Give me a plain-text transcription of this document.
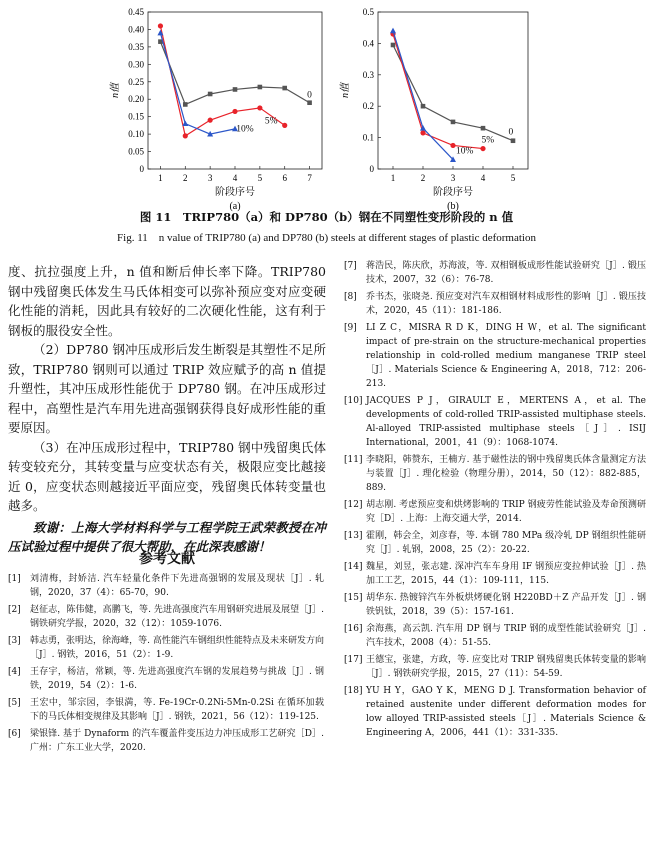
0
0.05
0.10
0.15
0.20
0.25
0.30
0.35
0.40
0.45
1 2 3 4 5 6 7
阶段序号
n值
(a)
0
5%
10%
0
0.1
0.2
0.3
0.4
0.5
1	2	3	4	5
阶段序号
n值
(b)
0
5%
10%
图 11　TRIP780（a）和 DP780（b）钢在不同塑性变形阶段的 n 值
Fig. 11　n value of TRIP780 (a) and DP780 (b) steels at different stages of plastic deformation

度、抗拉强度上升，n 值和断后伸长率下降。TRIP780 钢中残留奥氏体发生马氏体相变可以弥补预应变对应变硬化性能的消耗，因此具有较好的二次硬化性能，这有利于钢板的服役安全性。

（2）DP780 钢冲压成形后发生断裂是其塑性不足所致，TRIP780 钢则可以通过 TRIP 效应赋予的高 n 值提升塑性，其冲压成形性能优于 DP780 钢。在冲压成形过程中，高塑性是汽车用先进高强钢获得良好成形性能的重要原因。

（3）在冲压成形过程中，TRIP780 钢中残留奥氏体转变较充分，其转变量与应变状态有关，极限应变比越接近 0，应变状态则越接近平面应变，残留奥氏体转变量也越多。

致谢：上海大学材料科学与工程学院王武荣教授在冲压试验过程中提供了很大帮助，在此深表感谢！

参考文献
[1] 刘清梅，封娇洁. 汽车轻量化条件下先进高强钢的发展及现状［J］. 轧钢，2020，37（4）：65-70，90.
[2] 赵征志，陈伟健，高鹏飞，等. 先进高强度汽车用钢研究进展及展望［J］. 钢铁研究学报，2020，32（12）：1059-1076.
[3] 韩志勇，张明达，徐海峰，等. 高性能汽车钢组织性能特点及未来研发方向［J］. 钢铁，2016，51（2）：1-9.
[4] 王存宇，杨洁，常颖，等. 先进高强度汽车钢的发展趋势与挑战［J］. 钢铁，2019，54（2）：1-6.
[5] 王宏中，邹宗园，李银満，等. Fe-19Cr-0.2Ni-5Mn-0.2Si 在循环加载下的马氏体相变规律及其影响［J］. 钢铁，2021，56（12）：119-125.
[6] 梁银锋. 基于 Dynaform 的汽车覆盖件变压边力冲压成形工艺研究［D］. 广州：广东工业大学，2020.
[7] 蒋浩民，陈庆欣，苏海波，等. 双相钢板成形性能试验研究［J］. 锻压技术，2007，32（6）：76-78.
[8] 乔书杰，张晓尧. 预应变对汽车双相钢材料成形性的影响［J］. 锻压技术，2020，45（11）：181-186.
[9] LI Z C，MISRA R D K，DING H W，et al. The significant impact of pre-strain on the structure-mechanical properties relationship in cold-rolled medium manganese TRIP steel［J］. Materials Science & Engineering A，2018，712：206-213.
[10] JACQUES P J，GIRAULT E，MERTENS A，et al. The developments of cold-rolled TRIP-assisted multiphase steels. Al-alloyed TRIP-assisted multiphase steels［J］. ISIJ International，2001，41（9）：1068-1074.
[11] 李晓阳，韩赞东，王楠方. 基于磁性法的钢中残留奥氏体含量测定方法与装置［J］. 理化检验（物理分册），2014，50（12）：882-885，889.
[12] 胡志刚. 考虑预应变和烘烤影响的 TRIP 钢疲劳性能试验及寿命预测研究［D］. 上海：上海交通大学，2014.
[13] 霍刚，韩会全，刘彦春，等. 本钢 780 MPa 级冷轧 DP 钢组织性能研究［J］. 轧钢，2008，25（2）：20-22.
[14] 魏星，刘昱，张志建. 深冲汽车车身用 IF 钢预应变拉伸试验［J］. 热加工工艺，2015，44（1）：109-111，115.
[15] 胡华东. 热镀锌汽车外板烘烤硬化钢 H220BD＋Z 产品开发［J］. 钢铁钒钛，2018，39（5）：157-161.
[16] 余海燕，高云凯. 汽车用 DP 钢与 TRIP 钢的成型性能试验研究［J］. 汽车技术，2008（4）：51-55.
[17] 王德宝，张建，方政，等. 应变比对 TRIP 钢残留奥氏体转变量的影响［J］. 钢铁研究学报，2015，27（11）：54-59.
[18] YU H Y，GAO Y K，MENG D J. Transformation behavior of retained austenite under different deformation modes for low alloyed TRIP-assisted steels［J］. Materials Science & Engineering A，2006，441（1）：331-335.
